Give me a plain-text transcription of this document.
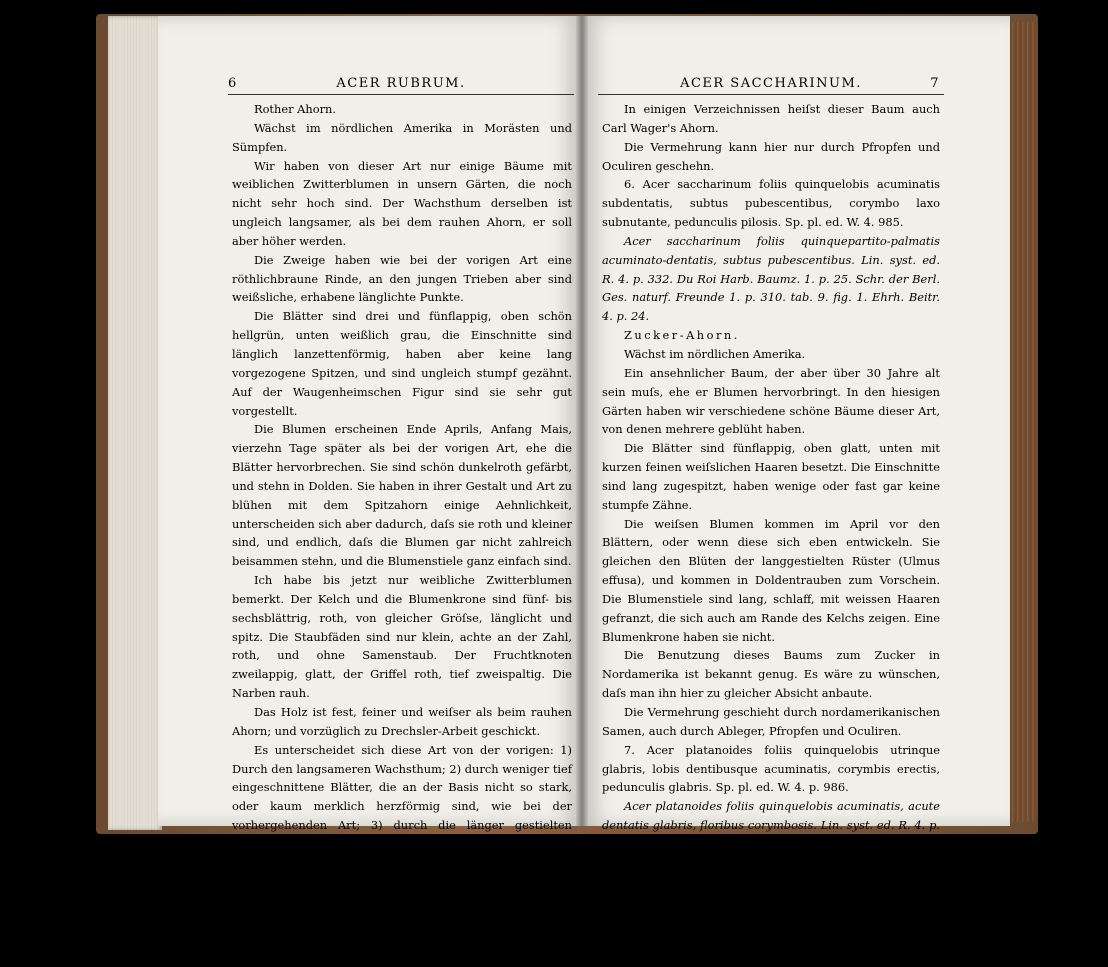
6	ACER RUBRUM.	ACER SACCHARINUM.	7

Rother Ahorn.

Wächst im nördlichen Amerika in Morästen und Sümpfen.

Wir haben von dieser Art nur einige Bäume mit weiblichen Zwitterblumen in unsern Gärten, die noch nicht sehr hoch sind. Der Wachsthum derselben ist ungleich langsamer, als bei dem rauhen Ahorn, er soll aber höher werden.

Die Zweige haben wie bei der vorigen Art eine röthlichbraune Rinde, an den jungen Trieben aber sind weißsliche, erhabene länglichte Punkte.

Die Blätter sind drei und fünflappig, oben schön hellgrün, unten weißlich grau, die Einschnitte sind länglich lanzettenförmig, haben aber keine lang vorgezogene Spitzen, und sind ungleich stumpf gezähnt. Auf der Waugenheimschen Figur sind sie sehr gut vorgestellt.

Die Blumen erscheinen Ende Aprils, Anfang Mais, vierzehn Tage später als bei der vorigen Art, ehe die Blätter hervorbrechen. Sie sind schön dunkelroth gefärbt, und stehn in Dolden. Sie haben in ihrer Gestalt und Art zu blühen mit dem Spitzahorn einige Aehnlichkeit, unterscheiden sich aber dadurch, daſs sie roth und kleiner sind, und endlich, daſs die Blumen gar nicht zahlreich beisammen stehn, und die Blumenstiele ganz einfach sind.

Ich habe bis jetzt nur weibliche Zwitterblumen bemerkt. Der Kelch und die Blumenkrone sind fünf- bis sechsblättrig, roth, von gleicher Gröſse, länglicht und spitz. Die Staubfäden sind nur klein, achte an der Zahl, roth, und ohne Samenstaub. Der Fruchtknoten zweilappig, glatt, der Griffel roth, tief zweispaltig. Die Narben rauh.

Das Holz ist fest, feiner und weiſser als beim rauhen Ahorn; und vorzüglich zu Drechsler-Arbeit geschickt.

Es unterscheidet sich diese Art von der vorigen: 1) Durch den langsameren Wachsthum; 2) durch weniger tief eingeschnittene Blätter, die an der Basis nicht so stark, oder kaum merklich herzförmig sind, wie bei der vorhergehenden Art; 3) durch die länger gestielten Blumen, die schön roth sind; 4) dadurch, daſs der Kelch mit der Blumenkrone gleiche Gröſse hat, und daſs die Blumenblätter spitzig sind; 5) durch den glatten Fruchtknoten; 6) daſs die Flügel an der Frucht weit von einander stehn; 7) endlich, daſs die jüngern Zweige mit erhabenen weiſsen Punkten, oder vielmehr Strichen versehn sind.

In einigen Verzeichnissen heiſst dieser Baum auch Carl Wager's Ahorn.

Die Vermehrung kann hier nur durch Pfropfen und Oculiren geschehn.

6. Acer saccharinum foliis quinquelobis acuminatis subdentatis, subtus pubescentibus, corymbo laxo subnutante, pedunculis pilosis. Sp. pl. ed. W. 4. 985.

Acer saccharinum foliis quinquepartito-palmatis acuminato-dentatis, subtus pubescentibus. Lin. syst. ed. R. 4. p. 332. Du Roi Harb. Baumz. 1. p. 25. Schr. der Berl. Ges. naturf. Freunde 1. p. 310. tab. 9. fig. 1. Ehrh. Beitr. 4. p. 24.

Zucker-Ahorn.

Wächst im nördlichen Amerika.

Ein ansehnlicher Baum, der aber über 30 Jahre alt sein muſs, ehe er Blumen hervorbringt. In den hiesigen Gärten haben wir verschiedene schöne Bäume dieser Art, von denen mehrere geblüht haben.

Die Blätter sind fünflappig, oben glatt, unten mit kurzen feinen weiſslichen Haaren besetzt. Die Einschnitte sind lang zugespitzt, haben wenige oder fast gar keine stumpfe Zähne.

Die weiſsen Blumen kommen im April vor den Blättern, oder wenn diese sich eben entwickeln. Sie gleichen den Blüten der langgestielten Rüster (Ulmus effusa), und kommen in Doldentrauben zum Vorschein. Die Blumenstiele sind lang, schlaff, mit weissen Haaren gefranzt, die sich auch am Rande des Kelchs zeigen. Eine Blumenkrone haben sie nicht.

Die Benutzung dieses Baums zum Zucker in Nordamerika ist bekannt genug. Es wäre zu wünschen, daſs man ihn hier zu gleicher Absicht anbaute.

Die Vermehrung geschieht durch nordamerikanischen Samen, auch durch Ableger, Pfropfen und Oculiren.

7. Acer platanoides foliis quinquelobis utrinque glabris, lobis dentibusque acuminatis, corymbis erectis, pedunculis glabris. Sp. pl. ed. W. 4. p. 986.

Acer platanoides foliis quinquelobis acuminatis, acute dentatis glabris, floribus corymbosis. Lin. syst. ed. R. 4. p. 332. Du Roi Harb. Baumz. 1. p. 17. Reitter und Abel Abbild. tab. 14.

β Acer platanoides laciniatum. Aiton Kewens. 3. p. 435.

Acer laciniatum foliis quinquepartito-palmatis laciniatis, basi
